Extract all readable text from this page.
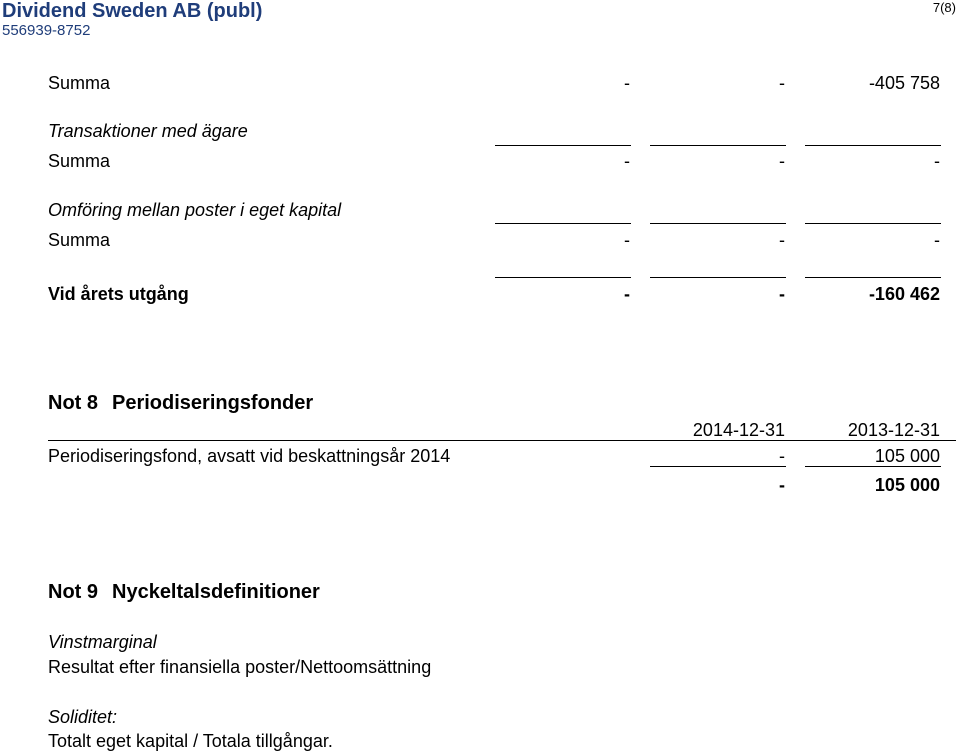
Dividend Sweden AB (publ)
556939-8752
7(8)
Summa	-	-	-405 758
Transaktioner med ägare
Summa	-	-	-
Omföring mellan poster i eget kapital
Summa	-	-	-
Vid årets utgång	-	-	-160 462
Not 8 Periodiseringsfonder
2014-12-31	2013-12-31
Periodiseringsfond, avsatt vid beskattningsår 2014	-	105 000
-	105 000
Not 9 Nyckeltalsdefinitioner
Vinstmarginal
Resultat efter finansiella poster/Nettoomsättning
Soliditet:
Totalt eget kapital / Totala tillgångar.
